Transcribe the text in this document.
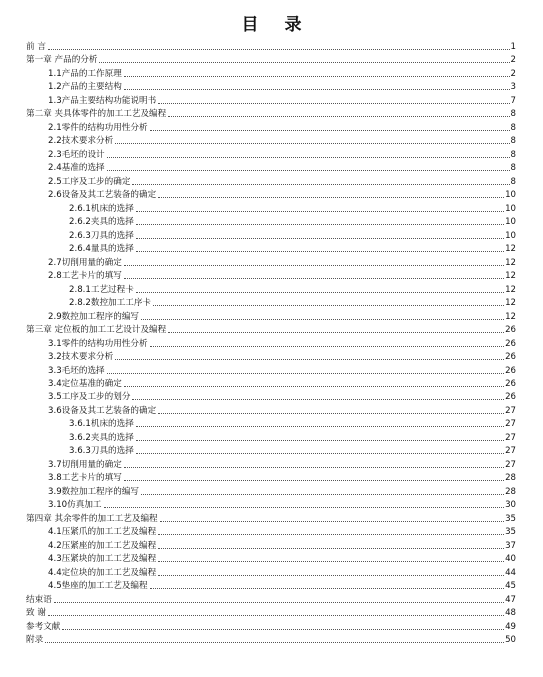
目 录
前 言	1
第一章 产品的分析	2
1.1产品的工作原理	2
1.2产品的主要结构	3
1.3产品主要结构功能说明书	7
第二章 夹具体零件的加工工艺及编程	8
2.1零件的结构功用性分析	8
2.2技术要求分析	8
2.3毛坯的设计	8
2.4基准的选择	8
2.5工序及工步的确定	8
2.6设备及其工艺装备的确定	10
2.6.1机床的选择	10
2.6.2夹具的选择	10
2.6.3刀具的选择	10
2.6.4量具的选择	12
2.7切削用量的确定	12
2.8工艺卡片的填写	12
2.8.1工艺过程卡	12
2.8.2数控加工工序卡	12
2.9数控加工程序的编写	12
第三章 定位板的加工工艺设计及编程	26
3.1零件的结构功用性分析	26
3.2技术要求分析	26
3.3毛坯的选择	26
3.4定位基准的确定	26
3.5工序及工步的划分	26
3.6设备及其工艺装备的确定	27
3.6.1机床的选择	27
3.6.2夹具的选择	27
3.6.3刀具的选择	27
3.7切削用量的确定	27
3.8工艺卡片的填写	28
3.9数控加工程序的编写	28
3.10仿真加工	30
第四章 其余零件的加工工艺及编程	35
4.1压紧爪的加工工艺及编程	35
4.2压紧座的加工工艺及编程	37
4.3压紧块的加工工艺及编程	40
4.4定位块的加工工艺及编程	44
4.5垫座的加工工艺及编程	45
结束语	47
致 谢	48
参考文献	49
附录	50
